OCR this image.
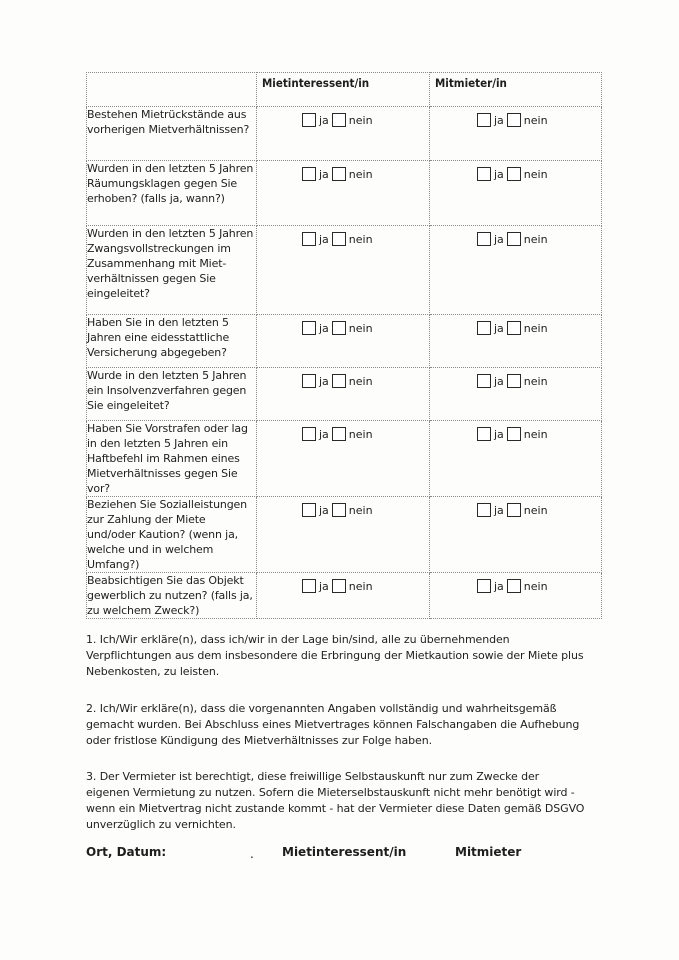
	Mietinteressent/in	Mitmieter/in
Bestehen Mietrückstände aus vorherigen Mietverhältnissen?	ja nein	ja nein

Wurden in den letzten 5 Jahren Räumungsklagen gegen Sie erhoben? (falls ja, wann?)	ja nein	ja nein

Wurden in den letzten 5 Jahren Zwangsvollstreckungen im Zusammenhang mit Miet-verhältnissen gegen Sie eingeleitet?	ja nein	ja nein

Haben Sie in den letzten 5 Jahren eine eidesstattliche Versicherung abgegeben?	ja nein	ja nein

Wurde in den letzten 5 Jahren ein Insolvenzverfahren gegen Sie eingeleitet?	ja nein	ja nein

Haben Sie Vorstrafen oder lag in den letzten 5 Jahren ein Haftbefehl im Rahmen eines Mietverhältnisses gegen Sie vor?	ja nein	ja nein

Beziehen Sie Sozialleistungen zur Zahlung der Miete und/oder Kaution? (wenn ja, welche und in welchem Umfang?)	ja nein	ja nein

Beabsichtigen Sie das Objekt gewerblich zu nutzen? (falls ja, zu welchem Zweck?)	ja nein	ja nein

1. Ich/Wir erkläre(n), dass ich/wir in der Lage bin/sind, alle zu übernehmenden Verpflichtungen aus dem insbesondere die Erbringung der Mietkaution sowie der Miete plus Nebenkosten, zu leisten.

2. Ich/Wir erkläre(n), dass die vorgenannten Angaben vollständig und wahrheitsgemäß gemacht wurden. Bei Abschluss eines Mietvertrages können Falschangaben die Aufhebung oder fristlose Kündigung des Mietverhältnisses zur Folge haben.

3. Der Vermieter ist berechtigt, diese freiwillige Selbstauskunft nur zum Zwecke der eigenen Vermietung zu nutzen. Sofern die Mieterselbstauskunft nicht mehr benötigt wird - wenn ein Mietvertrag nicht zustande kommt - hat der Vermieter diese Daten gemäß DSGVO unverzüglich zu vernichten.

Ort, Datum:	. Mietinteressent/in	Mitmieter
